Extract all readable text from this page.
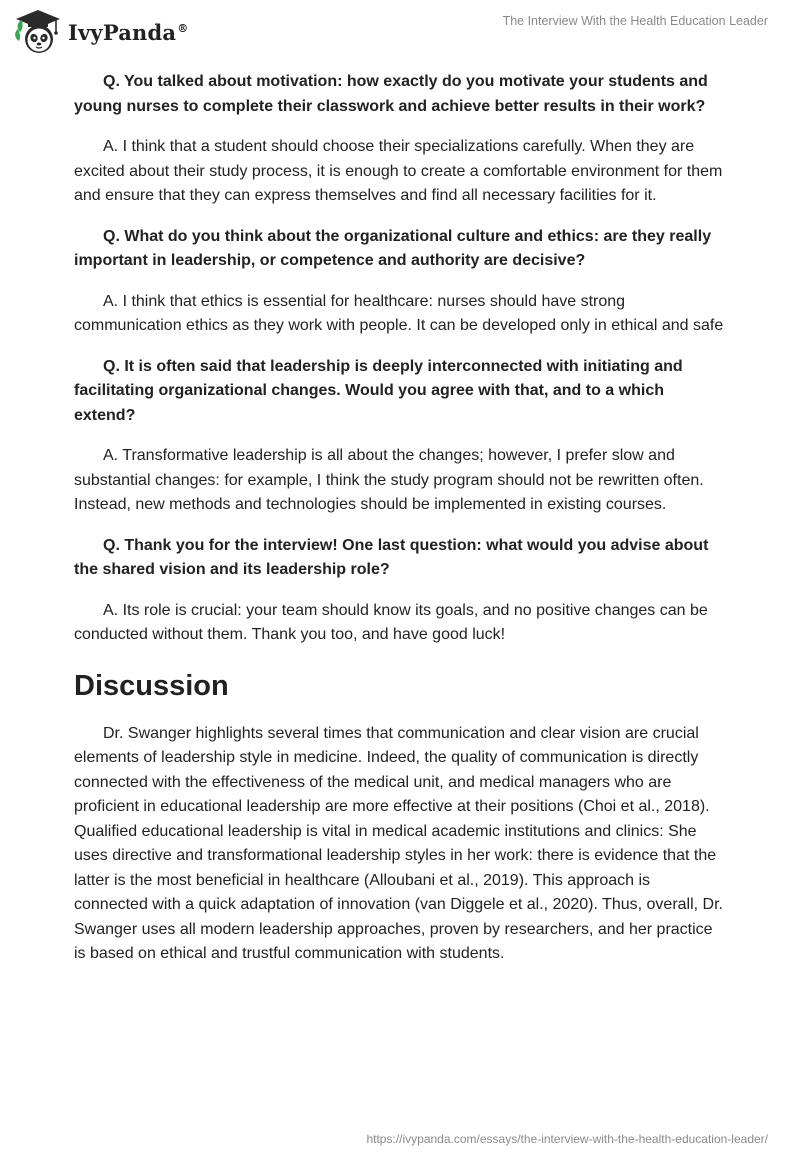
IvyPanda®	The Interview With the Health Education Leader

Q. You talked about motivation: how exactly do you motivate your students and young nurses to complete their classwork and achieve better results in their work?

A. I think that a student should choose their specializations carefully. When they are excited about their study process, it is enough to create a comfortable environment for them and ensure that they can express themselves and find all necessary facilities for it.

Q. What do you think about the organizational culture and ethics: are they really important in leadership, or competence and authority are decisive?

A. I think that ethics is essential for healthcare: nurses should have strong communication ethics as they work with people. It can be developed only in ethical and safe

Q. It is often said that leadership is deeply interconnected with initiating and facilitating organizational changes. Would you agree with that, and to a which extend?

A. Transformative leadership is all about the changes; however, I prefer slow and substantial changes: for example, I think the study program should not be rewritten often. Instead, new methods and technologies should be implemented in existing courses.

Q. Thank you for the interview! One last question: what would you advise about the shared vision and its leadership role?

A. Its role is crucial: your team should know its goals, and no positive changes can be conducted without them. Thank you too, and have good luck!

Discussion

Dr. Swanger highlights several times that communication and clear vision are crucial elements of leadership style in medicine. Indeed, the quality of communication is directly connected with the effectiveness of the medical unit, and medical managers who are proficient in educational leadership are more effective at their positions (Choi et al., 2018). Qualified educational leadership is vital in medical academic institutions and clinics: She uses directive and transformational leadership styles in her work: there is evidence that the latter is the most beneficial in healthcare (Alloubani et al., 2019). This approach is connected with a quick adaptation of innovation (van Diggele et al., 2020). Thus, overall, Dr. Swanger uses all modern leadership approaches, proven by researchers, and her practice is based on ethical and trustful communication with students.

https://ivypanda.com/essays/the-interview-with-the-health-education-leader/
